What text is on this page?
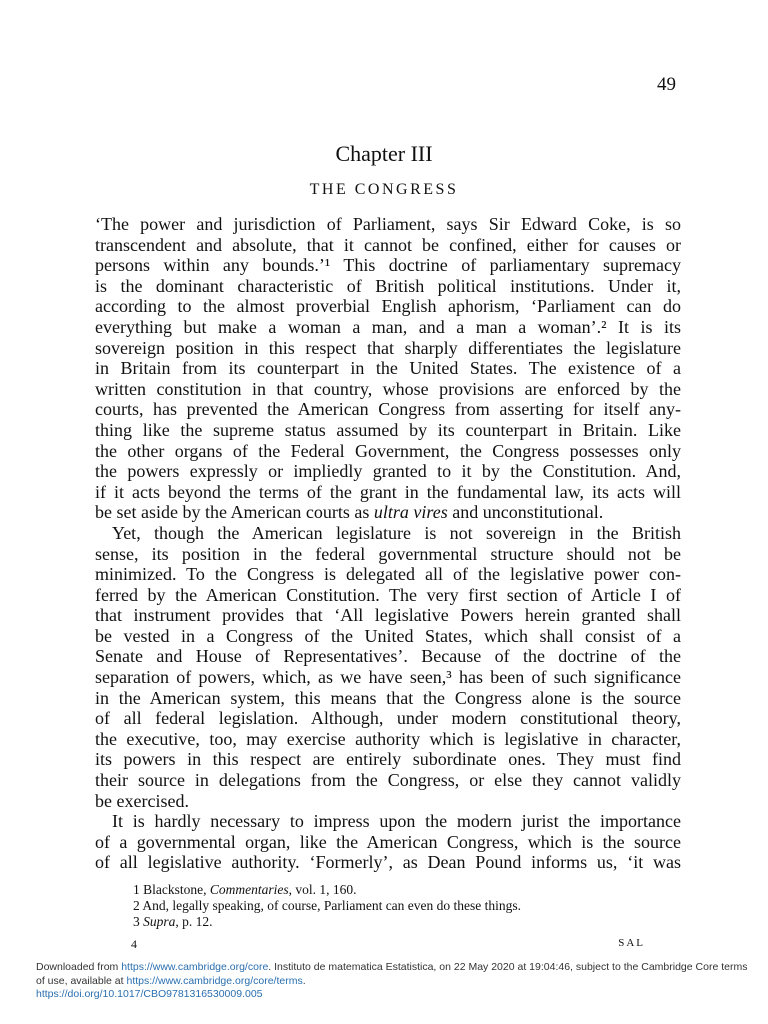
49
Chapter III
THE CONGRESS
‘The power and jurisdiction of Parliament, says Sir Edward Coke, is so
transcendent and absolute, that it cannot be confined, either for causes or
persons within any bounds.’¹ This doctrine of parliamentary supremacy
is the dominant characteristic of British political institutions. Under it,
according to the almost proverbial English aphorism, ‘Parliament can do
everything but make a woman a man, and a man a woman’.² It is its
sovereign position in this respect that sharply differentiates the legislature
in Britain from its counterpart in the United States. The existence of a
written constitution in that country, whose provisions are enforced by the
courts, has prevented the American Congress from asserting for itself any-
thing like the supreme status assumed by its counterpart in Britain. Like
the other organs of the Federal Government, the Congress possesses only
the powers expressly or impliedly granted to it by the Constitution. And,
if it acts beyond the terms of the grant in the fundamental law, its acts will
be set aside by the American courts as ultra vires and unconstitutional.
Yet, though the American legislature is not sovereign in the British
sense, its position in the federal governmental structure should not be
minimized. To the Congress is delegated all of the legislative power con-
ferred by the American Constitution. The very first section of Article I of
that instrument provides that ‘All legislative Powers herein granted shall
be vested in a Congress of the United States, which shall consist of a
Senate and House of Representatives’. Because of the doctrine of the
separation of powers, which, as we have seen,³ has been of such significance
in the American system, this means that the Congress alone is the source
of all federal legislation. Although, under modern constitutional theory,
the executive, too, may exercise authority which is legislative in character,
its powers in this respect are entirely subordinate ones. They must find
their source in delegations from the Congress, or else they cannot validly
be exercised.
It is hardly necessary to impress upon the modern jurist the importance
of a governmental organ, like the American Congress, which is the source
of all legislative authority. ‘Formerly’, as Dean Pound informs us, ‘it was
1 Blackstone, Commentaries, vol. 1, 160.
2 And, legally speaking, of course, Parliament can even do these things.
3 Supra, p. 12.
4	SAL
Downloaded from https://www.cambridge.org/core. Instituto de matematica Estatistica, on 22 May 2020 at 19:04:46, subject to the Cambridge Core terms of use, available at https://www.cambridge.org/core/terms.
https://doi.org/10.1017/CBO9781316530009.005
